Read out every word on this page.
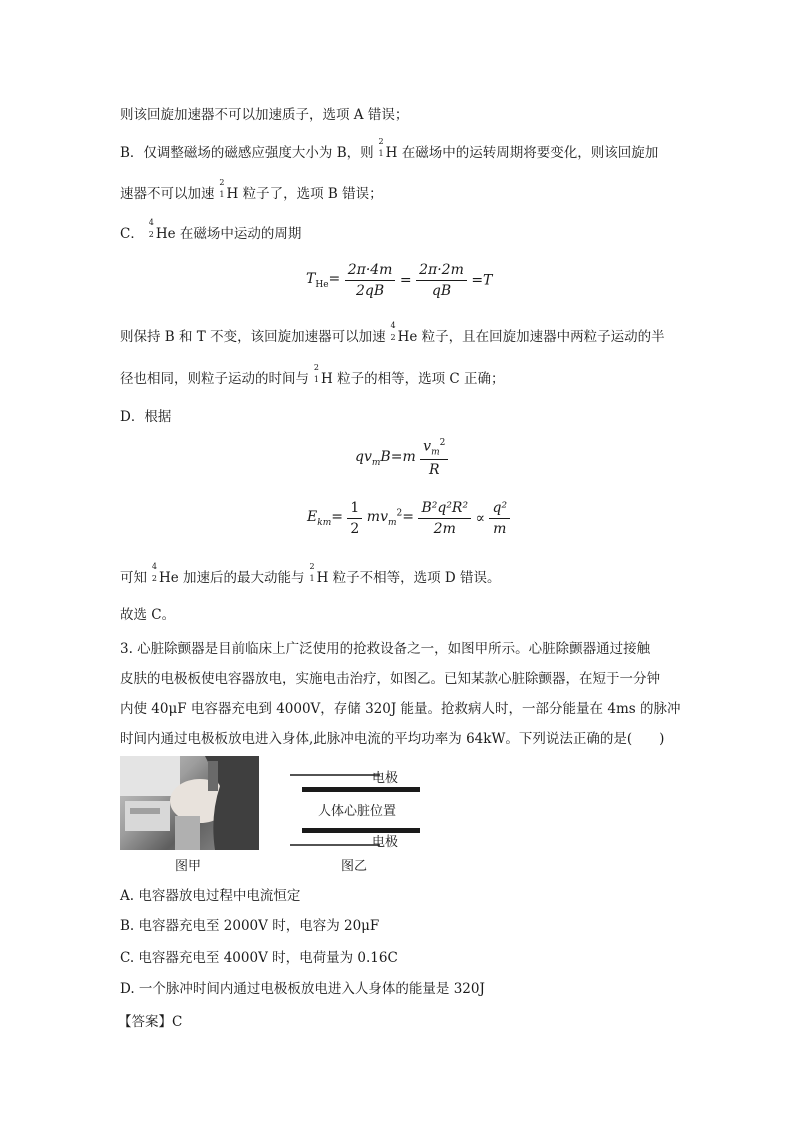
则该回旋加速器不可以加速质子，选项 A 错误；
B．仅调整磁场的磁感应强度大小为 B，则
2
1 H 在磁场中的运转周期将要变化，则该回旋加
速器不可以加速
2
1 H 粒子了，选项 B 错误；
C．
4
2 He 在磁场中运动的周期
$T_{He}= \frac{2\pi\cdot 4m}{2qB} = \frac{2\pi\cdot 2m}{qB} =T$
则保持 B 和 T 不变，该回旋加速器可以加速
4
2 He 粒子，且在回旋加速器中两粒子运动的半
径也相同，则粒子运动的时间与
2
1 H 粒子的相等，选项 C 正确；
D．根据
$qv_mB=m \frac{v_m^2}{R}$
$E_{km}= \frac{1}{2} mv_m^2= \frac{\text{B²q²R²}}{2m} \propto \frac{\text{q²}}{m}$
可知
4
2 He 加速后的最大动能与
2
1 H 粒子不相等，选项 D 错误。
故选 C。
3. 心脏除颤器是目前临床上广泛使用的抢救设备之一，如图甲所示。心脏除颤器通过接触
皮肤的电极板使电容器放电，实施电击治疗，如图乙。已知某款心脏除颤器，在短于一分钟
内使 40μF 电容器充电到 4000V，存储 320J 能量。抢救病人时，一部分能量在 4ms 的脉冲
时间内通过电极板放电进入身体,此脉冲电流的平均功率为 64kW。下列说法正确的是(　　)
图甲
电极
人体心脏位置
电极
图乙
A. 电容器放电过程中电流恒定
B. 电容器充电至 2000V 时，电容为 20μF
C. 电容器充电至 4000V 时，电荷量为 0.16C
D. 一个脉冲时间内通过电极板放电进入人身体的能量是 320J
【答案】C
